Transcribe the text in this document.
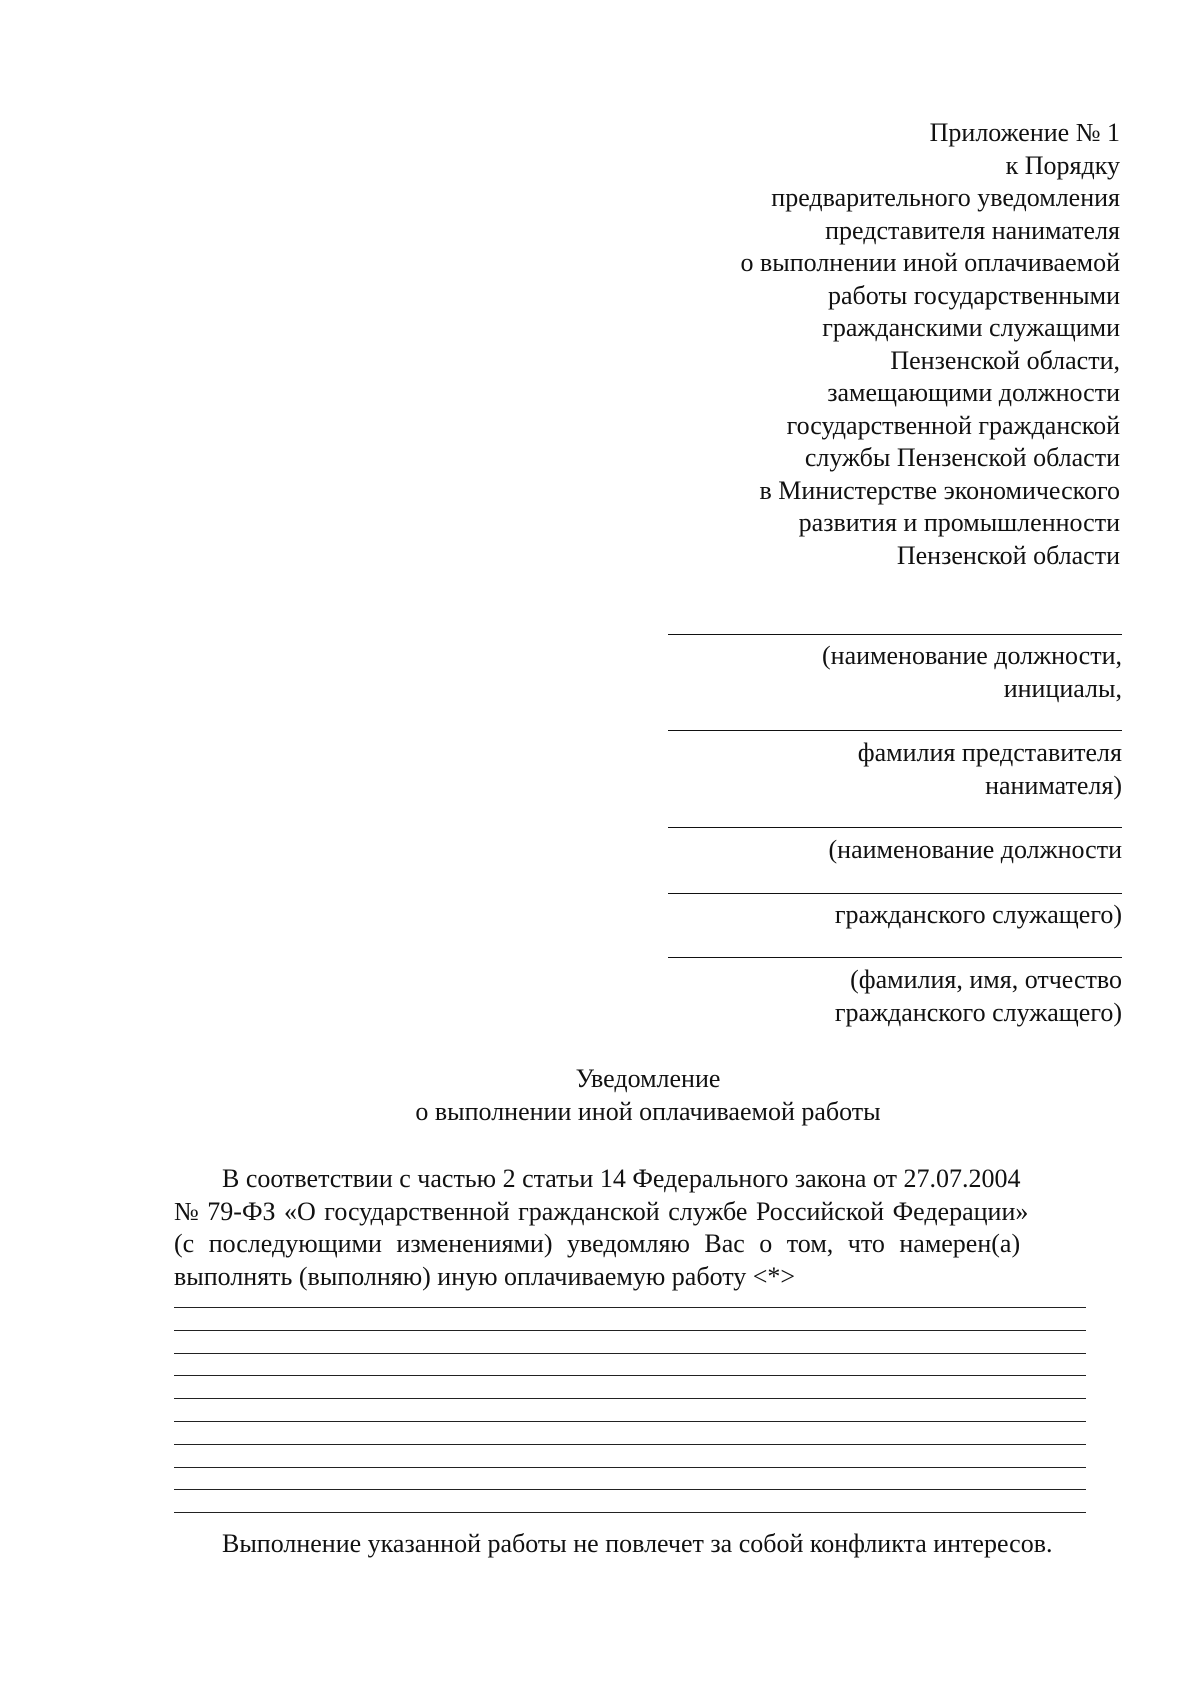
Приложение № 1
к Порядку
предварительного уведомления
представителя нанимателя
о выполнении иной оплачиваемой
работы государственными
гражданскими служащими
Пензенской области,
замещающими должности
государственной гражданской
службы Пензенской области
в Министерстве экономического
развития и промышленности
Пензенской области
(наименование должности,
инициалы,
фамилия представителя
нанимателя)
(наименование должности
гражданского служащего)
(фамилия, имя, отчество
гражданского служащего)
Уведомление
о выполнении иной оплачиваемой работы
В соответствии с частью 2 статьи 14 Федерального закона от 27.07.2004
№ 79-ФЗ «О государственной гражданской службе Российской Федерации»
(с последующими изменениями) уведомляю Вас о том, что намерен(а)
выполнять (выполняю) иную оплачиваемую работу <*>
Выполнение указанной работы не повлечет за собой конфликта интересов.
